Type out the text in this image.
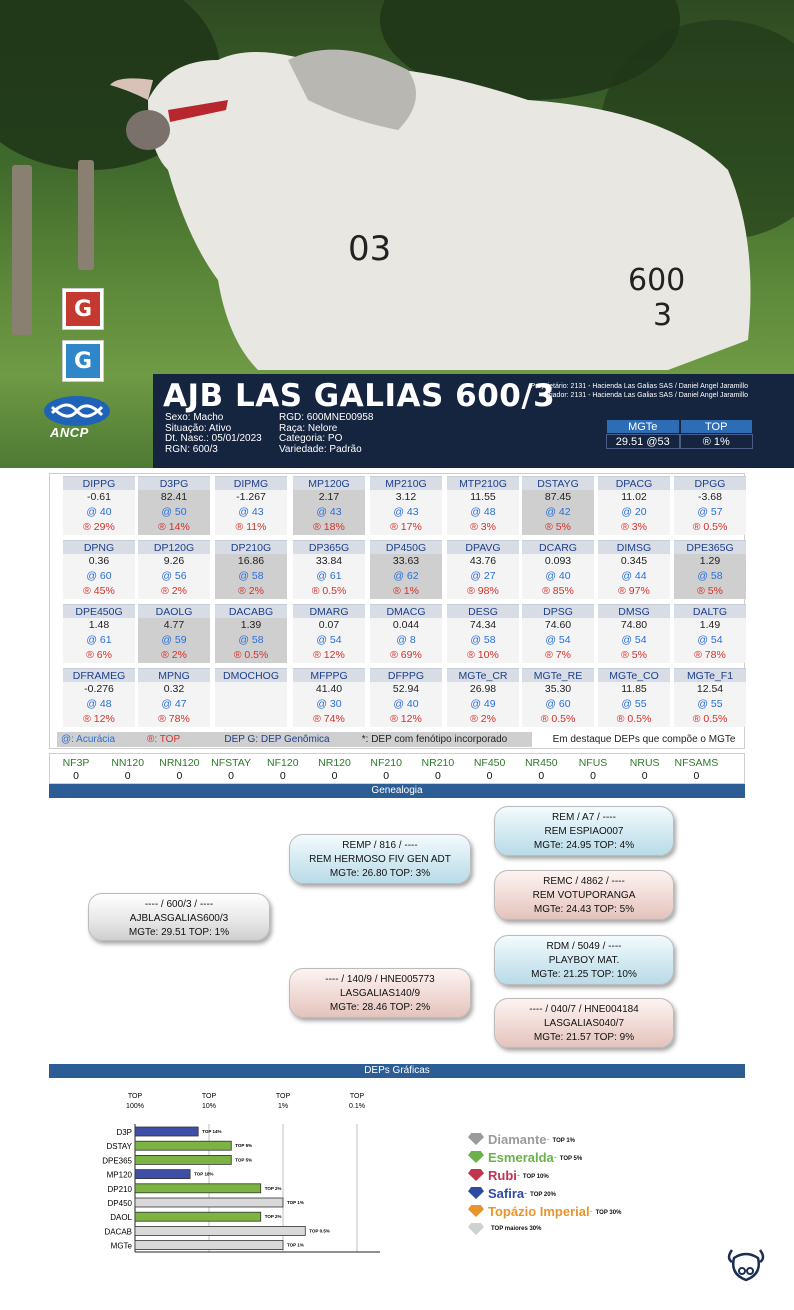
03
600
3
G
G
ANCP
AJB LAS GALIAS 600/3
Proprietário: 2131 - Hacienda Las Galias SAS / Daniel Angel Jaramillo
Criador: 2131 - Hacienda Las Galias SAS / Daniel Angel Jaramillo
Sexo: Macho
Situação: Ativo
Dt. Nasc.: 05/01/2023
RGN: 600/3
RGD: 600MNE00958
Raça: Nelore
Categoria: PO
Variedade: Padrão
MGTe	TOP
29.51 @53	® 1%
@: Acurácia	®: TOP	DEP G: DEP Genômica	*: DEP com fenótipo incorporado	Em destaque DEPs que compõe o MGTe
DIPPG
-0.61
@ 40
® 29%
D3PG
82.41
@ 50
® 14%
DIPMG
-1.267
@ 43
® 11%
MP120G
2.17
@ 43
® 18%
MP210G
3.12
@ 43
® 17%
MTP210G
11.55
@ 48
® 3%
DSTAYG
87.45
@ 42
® 5%
DPACG
11.02
@ 20
® 3%
DPGG
-3.68
@ 57
® 0.5%
DPNG
0.36
@ 60
® 45%
DP120G
9.26
@ 56
® 2%
DP210G
16.86
@ 58
® 2%
DP365G
33.84
@ 61
® 0.5%
DP450G
33.63
@ 62
® 1%
DPAVG
43.76
@ 27
® 98%
DCARG
0.093
@ 40
® 85%
DIMSG
0.345
@ 44
® 97%
DPE365G
1.29
@ 58
® 5%
DPE450G
1.48
@ 61
® 6%
DAOLG
4.77
@ 59
® 2%
DACABG
1.39
@ 58
® 0.5%
DMARG
0.07
@ 54
® 12%
DMACG
0.044
@ 8
® 69%
DESG
74.34
@ 58
® 10%
DPSG
74.60
@ 54
® 7%
DMSG
74.80
@ 54
® 5%
DALTG
1.49
@ 54
® 78%
DFRAMEG
-0.276
@ 48
® 12%
MPNG
0.32
@ 47
® 78%
DMOCHOG	MFPPG
41.40
@ 30
® 74%
DFPPG
52.94
@ 40
® 12%
MGTe_CR
26.98
@ 49
® 2%
MGTe_RE
35.30
@ 60
® 0.5%
MGTe_CO
11.85
@ 55
® 0.5%
MGTe_F1
12.54
@ 55
® 0.5%
NF3P
0
NN120
0
NRN120
0
NFSTAY
0
NF120
0
NR120
0
NF210
0
NR210
0
NF450
0
NR450
0
NFUS
0
NRUS
0
NFSAMS
0
Genealogia
---- / 600/3 / ----
AJBLASGALIAS600/3
MGTe: 29.51 TOP: 1%
REMP / 816 / ----
REM HERMOSO FIV GEN ADT
MGTe: 26.80 TOP: 3%
---- / 140/9 / HNE005773
LASGALIAS140/9
MGTe: 28.46 TOP: 2%
REM / A7 / ----
REM ESPIAO007
MGTe: 24.95 TOP: 4%
REMC / 4862 / ----
REM VOTUPORANGA
MGTe: 24.43 TOP: 5%
RDM / 5049 / ----
PLAYBOY MAT.
MGTe: 21.25 TOP: 10%
---- / 040/7 / HNE004184
LASGALIAS040/7
MGTe: 21.57 TOP: 9%
DEPs Gráficas
TOP
100%
TOP
10%
TOP
1%
TOP
0.1%
D3P	TOP 14%
DSTAY	TOP 5%
DPE365	TOP 5%
MP120	TOP 18%
DP210	TOP 2%
DP450	TOP 1%
DAOL	TOP 2%
DACAB	TOP 0.5%
MGTe	TOP 1%
Diamante - TOP 1%
Esmeralda - TOP 5%
Rubi - TOP 10%
Safira - TOP 20%
Topázio Imperial - TOP 30%
TOP maiores 30%
